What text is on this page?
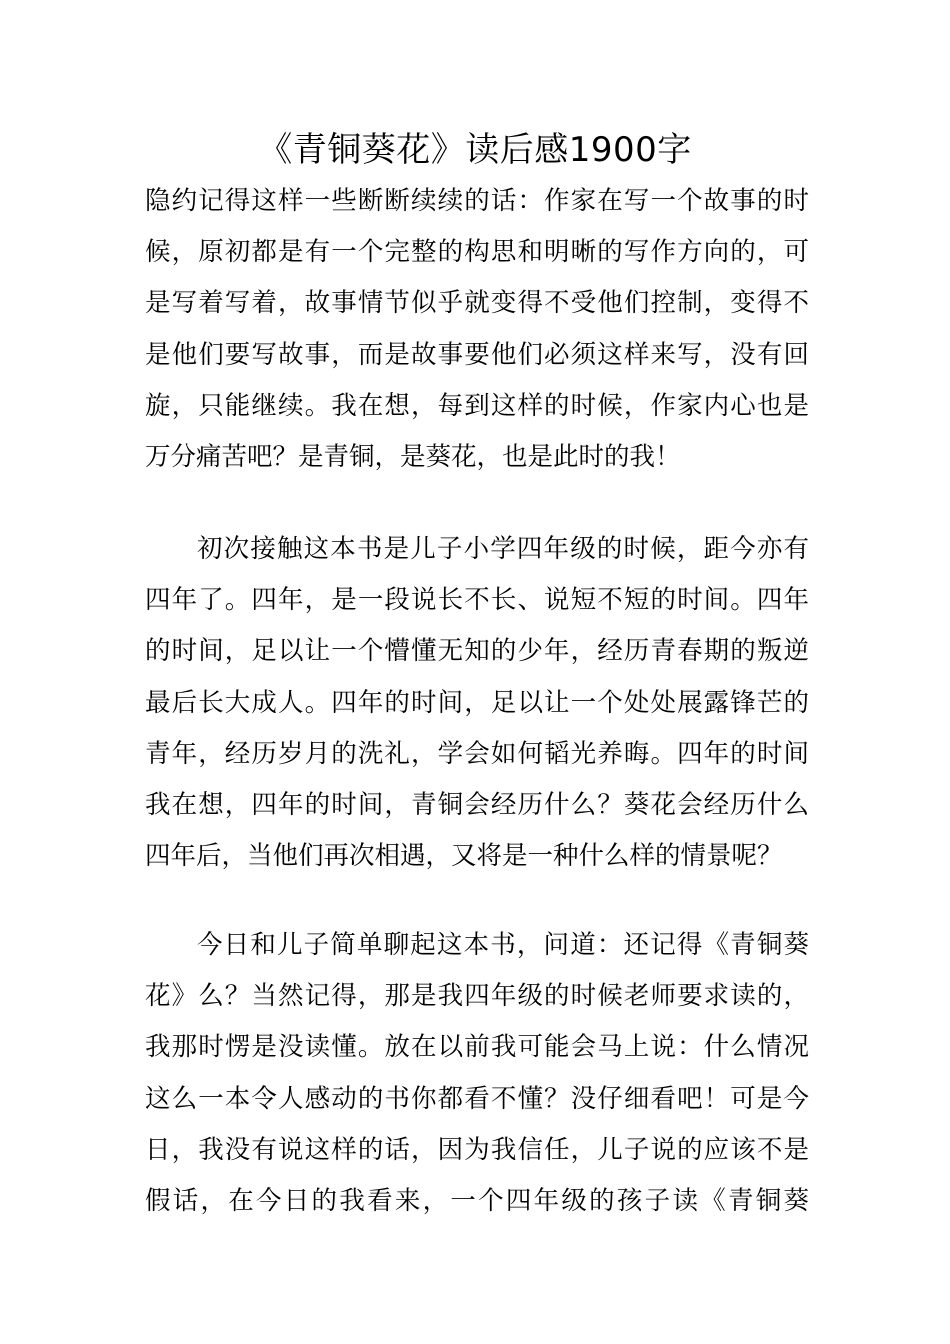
《青铜葵花》读后感1900字
隐约记得这样一些断断续续的话：作家在写一个故事的时
候，原初都是有一个完整的构思和明晰的写作方向的，可
是写着写着，故事情节似乎就变得不受他们控制，变得不
是他们要写故事，而是故事要他们必须这样来写，没有回
旋，只能继续。我在想，每到这样的时候，作家内心也是
万分痛苦吧？是青铜，是葵花，也是此时的我！
初次接触这本书是儿子小学四年级的时候，距今亦有
四年了。四年，是一段说长不长、说短不短的时间。四年
的时间，足以让一个懵懂无知的少年，经历青春期的叛逆
最后长大成人。四年的时间，足以让一个处处展露锋芒的
青年，经历岁月的洗礼，学会如何韬光养晦。四年的时间
我在想，四年的时间，青铜会经历什么？葵花会经历什么
四年后，当他们再次相遇，又将是一种什么样的情景呢？
今日和儿子简单聊起这本书，问道：还记得《青铜葵
花》么？当然记得，那是我四年级的时候老师要求读的，
我那时愣是没读懂。放在以前我可能会马上说：什么情况
这么一本令人感动的书你都看不懂？没仔细看吧！可是今
日，我没有说这样的话，因为我信任，儿子说的应该不是
假话，在今日的我看来，一个四年级的孩子读《青铜葵
